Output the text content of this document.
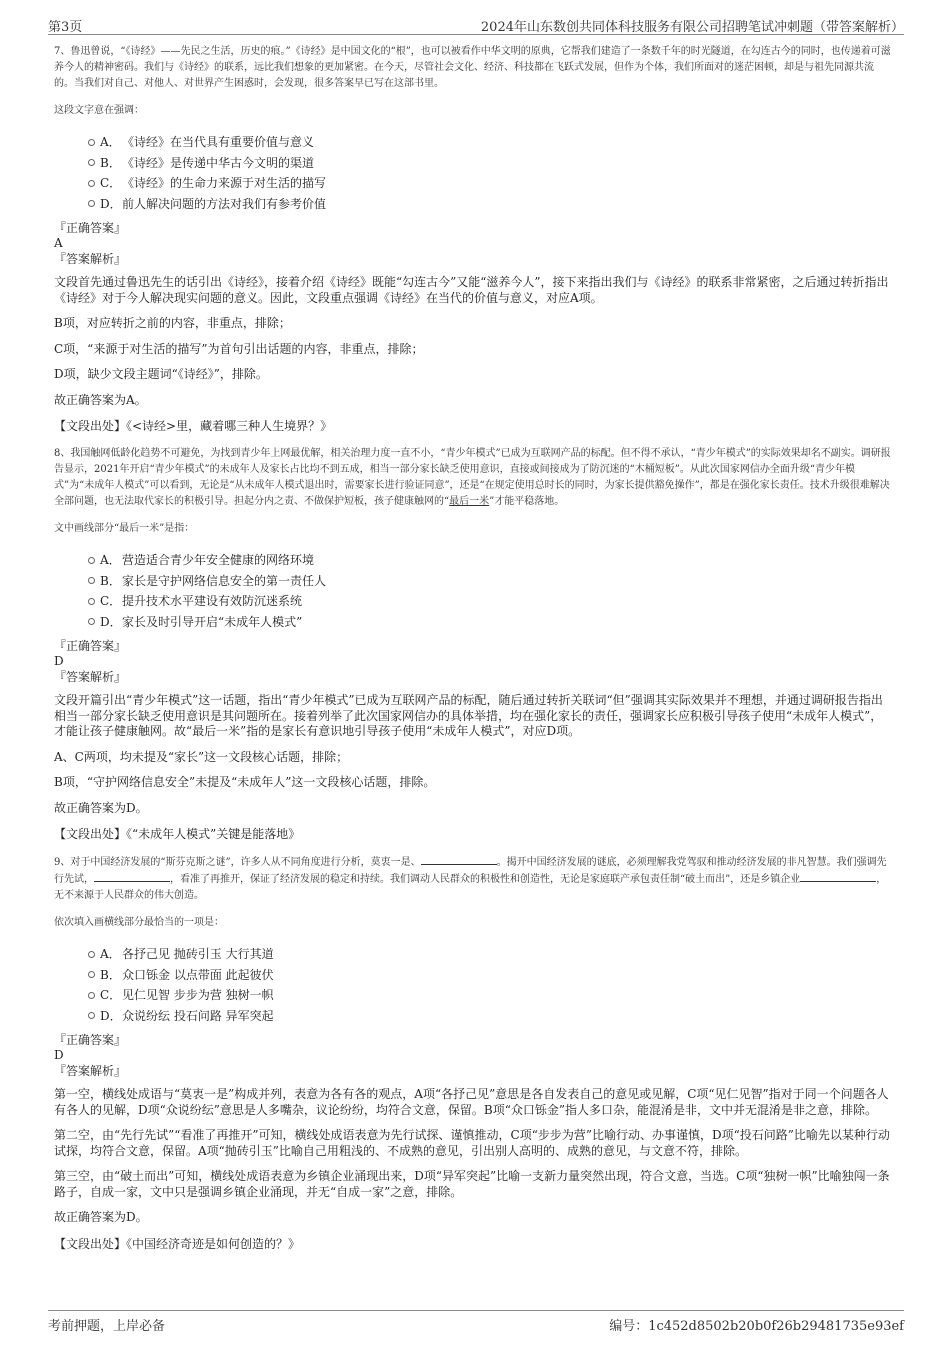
第3页	2024年山东数创共同体科技服务有限公司招聘笔试冲刺题（带答案解析）

7、鲁迅曾说，“《诗经》——先民之生活，历史的痕。”《诗经》是中国文化的“根”，也可以被看作中华文明的原典，它帮我们建造了一条数千年的时光隧道，在勾连古今的同时，也传递着可滋养今人的精神密码。我们与《诗经》的联系，远比我们想象的更加紧密。在今天，尽管社会文化、经济、科技都在飞跃式发展，但作为个体，我们所面对的迷茫困顿，却是与祖先同源共流的。当我们对自己、对他人、对世界产生困惑时，会发现，很多答案早已写在这部书里。

这段文字意在强调：

A． 《诗经》在当代具有重要价值与意义
B． 《诗经》是传递中华古今文明的渠道
C． 《诗经》的生命力来源于对生活的描写
D． 前人解决问题的方法对我们有参考价值

『正确答案』

A

『答案解析』

文段首先通过鲁迅先生的话引出《诗经》，接着介绍《诗经》既能“勾连古今”又能“滋养今人”，接下来指出我们与《诗经》的联系非常紧密，之后通过转折指出《诗经》对于今人解决现实问题的意义。因此，文段重点强调《诗经》在当代的价值与意义，对应A项。

B项，对应转折之前的内容，非重点，排除；

C项，“来源于对生活的描写”为首句引出话题的内容，非重点，排除；

D项，缺少文段主题词“《诗经》”，排除。

故正确答案为A。

【文段出处】《<诗经>里，藏着哪三种人生境界？》

8、我国触网低龄化趋势不可避免，为找到青少年上网最优解，相关治理力度一直不小，“青少年模式”已成为互联网产品的标配。但不得不承认，“青少年模式”的实际效果却名不副实。调研报告显示，2021年开启“青少年模式”的未成年人及家长占比均不到五成，相当一部分家长缺乏使用意识，直接或间接成为了防沉迷的“木桶短板”。从此次国家网信办全面升级“青少年模式”为“未成年人模式”可以看到，无论是“从未成年人模式退出时，需要家长进行验证同意”，还是“在规定使用总时长的同时，为家长提供豁免操作”，都是在强化家长责任。技术升级很难解决全部问题，也无法取代家长的积极引导。担起分内之责、不做保护短板，孩子健康触网的“最后一米”才能平稳落地。

文中画线部分“最后一米”是指：

A． 营造适合青少年安全健康的网络环境
B． 家长是守护网络信息安全的第一责任人
C． 提升技术水平建设有效防沉迷系统
D． 家长及时引导开启“未成年人模式”

『正确答案』

D

『答案解析』

文段开篇引出“青少年模式”这一话题，指出“青少年模式”已成为互联网产品的标配，随后通过转折关联词“但”强调其实际效果并不理想，并通过调研报告指出相当一部分家长缺乏使用意识是其问题所在。接着列举了此次国家网信办的具体举措，均在强化家长的责任，强调家长应积极引导孩子使用“未成年人模式”，才能让孩子健康触网。故“最后一米”指的是家长有意识地引导孩子使用“未成年人模式”，对应D项。

A、C两项，均未提及“家长”这一文段核心话题，排除；

B项，“守护网络信息安全”未提及“未成年人”这一文段核心话题，排除。

故正确答案为D。

【文段出处】《“未成年人模式”关键是能落地》

9、对于中国经济发展的“斯芬克斯之谜”，许多人从不同角度进行分析，莫衷一是、	。揭开中国经济发展的谜底，必须理解我党驾驭和推动经济发展的非凡智慧。我们强调先行先试，	，看准了再推开，保证了经济发展的稳定和持续。我们调动人民群众的积极性和创造性，无论是家庭联产承包责任制“破土而出”，还是乡镇企业	，无不来源于人民群众的伟大创造。

依次填入画横线部分最恰当的一项是：

A． 各抒己见 抛砖引玉 大行其道
B． 众口铄金 以点带面 此起彼伏
C． 见仁见智 步步为营 独树一帜
D． 众说纷纭 投石问路 异军突起

『正确答案』

D

『答案解析』

第一空，横线处成语与“莫衷一是”构成并列，表意为各有各的观点，A项“各抒己见”意思是各自发表自己的意见或见解，C项“见仁见智”指对于同一个问题各人有各人的见解，D项“众说纷纭”意思是人多嘴杂，议论纷纷，均符合文意，保留。B项“众口铄金”指人多口杂，能混淆是非，文中并无混淆是非之意，排除。

第二空，由“先行先试”“看准了再推开”可知，横线处成语表意为先行试探、谨慎推动，C项“步步为营”比喻行动、办事谨慎，D项“投石问路”比喻先以某种行动试探，均符合文意，保留。A项“抛砖引玉”比喻自己用粗浅的、不成熟的意见，引出别人高明的、成熟的意见，与文意不符，排除。

第三空，由“破土而出”可知，横线处成语表意为乡镇企业涌现出来，D项“异军突起”比喻一支新力量突然出现，符合文意，当选。C项“独树一帜”比喻独闯一条路子，自成一家，文中只是强调乡镇企业涌现，并无“自成一家”之意，排除。

故正确答案为D。

【文段出处】《中国经济奇迹是如何创造的？》

考前押题，上岸必备	编号：1c452d8502b20b0f26b29481735e93ef
